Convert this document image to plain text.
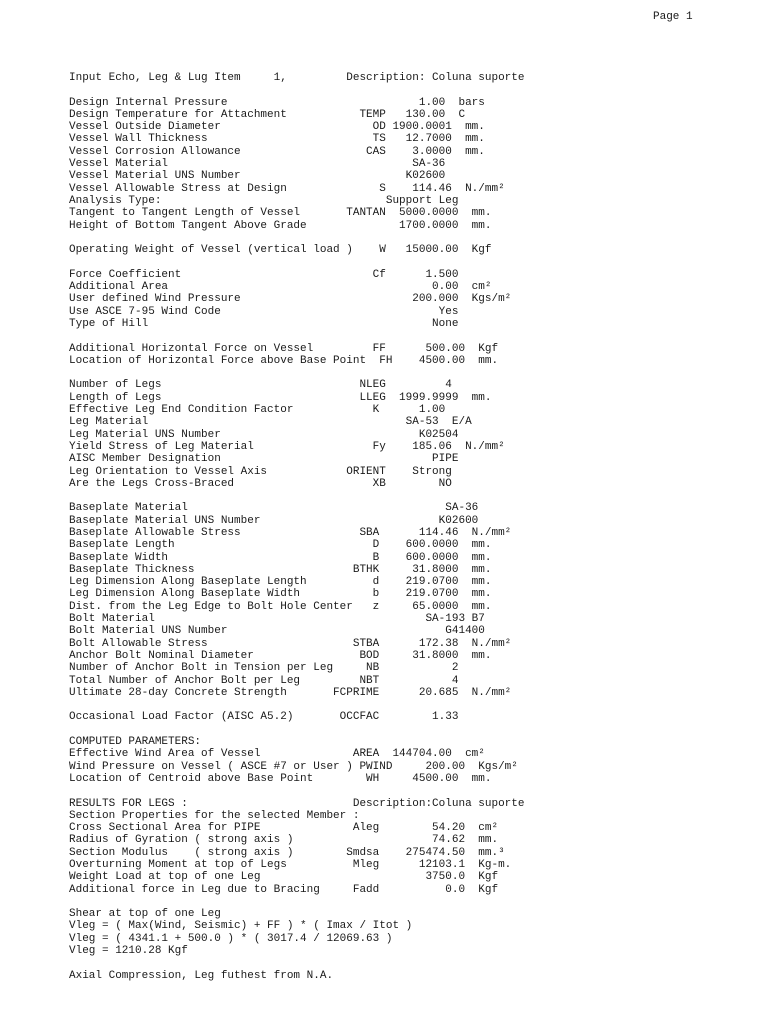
Page 1
Input Echo, Leg & Lug Item     1,         Description: Coluna suporte
Design Internal Pressure                             1.00  bars
Design Temperature for Attachment           TEMP   130.00  C
Vessel Outside Diameter                       OD 1900.0001  mm.
Vessel Wall Thickness                         TS   12.7000  mm.
Vessel Corrosion Allowance                   CAS    3.0000  mm.
Vessel Material                                     SA-36
Vessel Material UNS Number                         K02600
Vessel Allowable Stress at Design              S    114.46  N./mm²
Analysis Type:                                  Support Leg
Tangent to Tangent Length of Vessel       TANTAN  5000.0000  mm.
Height of Bottom Tangent Above Grade              1700.0000  mm.
Operating Weight of Vessel (vertical load )    W   15000.00  Kgf
Force Coefficient                             Cf      1.500
Additional Area                                        0.00  cm²
User defined Wind Pressure                          200.000  Kgs/m²
Use ASCE 7-95 Wind Code                                 Yes
Type of Hill                                           None
Additional Horizontal Force on Vessel         FF      500.00  Kgf
Location of Horizontal Force above Base Point  FH    4500.00  mm.
Number of Legs                              NLEG         4
Length of Legs                              LLEG  1999.9999  mm.
Effective Leg End Condition Factor            K      1.00
Leg Material                                       SA-53  E/A
Leg Material UNS Number                              K02504
Yield Stress of Leg Material                  Fy    185.06  N./mm²
AISC Member Designation                                PIPE
Leg Orientation to Vessel Axis            ORIENT    Strong
Are the Legs Cross-Braced                     XB        NO
Baseplate Material                                       SA-36
Baseplate Material UNS Number                           K02600
Baseplate Allowable Stress                  SBA      114.46  N./mm²
Baseplate Length                              D    600.0000  mm.
Baseplate Width                               B    600.0000  mm.
Baseplate Thickness                        BTHK     31.8000  mm.
Leg Dimension Along Baseplate Length          d    219.0700  mm.
Leg Dimension Along Baseplate Width           b    219.0700  mm.
Dist. from the Leg Edge to Bolt Hole Center   z     65.0000  mm.
Bolt Material                                         SA-193 B7
Bolt Material UNS Number                                 G41400
Bolt Allowable Stress                      STBA      172.38  N./mm²
Anchor Bolt Nominal Diameter                BOD     31.8000  mm.
Number of Anchor Bolt in Tension per Leg     NB           2
Total Number of Anchor Bolt per Leg         NBT           4
Ultimate 28-day Concrete Strength       FCPRIME      20.685  N./mm²
Occasional Load Factor (AISC A5.2)       OCCFAC        1.33
COMPUTED PARAMETERS:
Effective Wind Area of Vessel              AREA  144704.00  cm²
Wind Pressure on Vessel ( ASCE #7 or User ) PWIND     200.00  Kgs/m²
Location of Centroid above Base Point        WH     4500.00  mm.
RESULTS FOR LEGS :                         Description:Coluna suporte
Section Properties for the selected Member :
Cross Sectional Area for PIPE              Aleg        54.20  cm²
Radius of Gyration ( strong axis )                     74.62  mm.
Section Modulus    ( strong axis )        Smdsa    275474.50  mm.³
Overturning Moment at top of Legs          Mleg      12103.1  Kg-m.
Weight Load at top of one Leg                         3750.0  Kgf
Additional force in Leg due to Bracing     Fadd          0.0  Kgf
Shear at top of one Leg
Vleg = ( Max(Wind, Seismic) + FF ) * ( Imax / Itot )
Vleg = ( 4341.1 + 500.0 ) * ( 3017.4 / 12069.63 )
Vleg = 1210.28 Kgf
Axial Compression, Leg futhest from N.A.
